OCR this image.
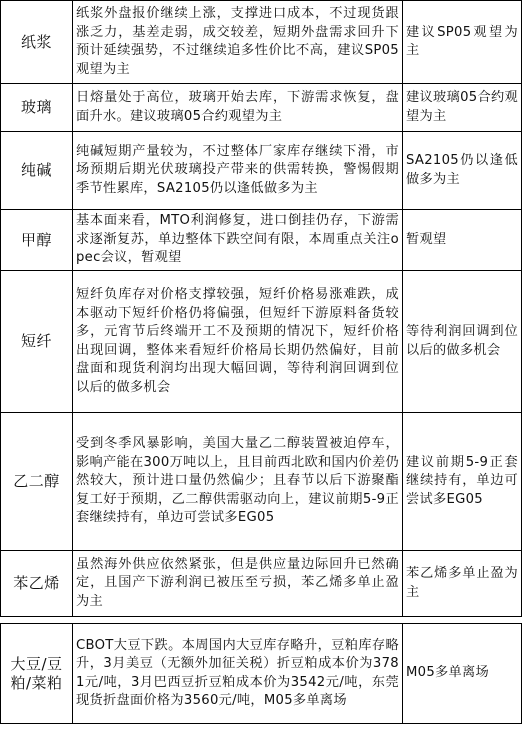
纸浆	纸浆外盘报价继续上涨，支撑进口成本，不过现货跟涨乏力，基差走弱，成交较差，短期外盘需求回升下预计延续强势，不过继续追多性价比不高，建议SP05观望为主	建议SP05观望为主
玻璃	日熔量处于高位，玻璃开始去库，下游需求恢复，盘面升水。建议玻璃05合约观望为主	建议玻璃05合约观望为主
纯碱	纯碱短期产量较为，不过整体厂家库存继续下滑，市场预期后期光伏玻璃投产带来的供需转换，警惕假期季节性累库，SA2105仍以逢低做多为主	SA2105仍以逢低做多为主
甲醇	基本面来看，MTO利润修复，进口倒挂仍存，下游需求逐渐复苏，单边整体下跌空间有限，本周重点关注opec会议，暂观望	暂观望
短纤	短纤负库存对价格支撑较强，短纤价格易涨难跌，成本驱动下短纤价格仍将偏强，但短纤下游原料备货较多，元宵节后终端开工不及预期的情况下，短纤价格出现回调，整体来看短纤价格局长期仍然偏好，目前盘面和现货利润均出现大幅回调，等待利润回调到位以后的做多机会	等待利润回调到位以后的做多机会
乙二醇	受到冬季风暴影响，美国大量乙二醇装置被迫停车，影响产能在300万吨以上，且目前西北欧和国内价差仍然较大，预计进口量仍然偏少；且春节以后下游聚酯复工好于预期，乙二醇供需驱动向上，建议前期5-9正套继续持有，单边可尝试多EG05	建议前期5-9正套继续持有，单边可尝试多EG05
苯乙烯	虽然海外供应依然紧张，但是供应量边际回升已然确定，且国产下游利润已被压至亏损，苯乙烯多单止盈为主	苯乙烯多单止盈为主

大豆/豆粕/菜粕	CBOT大豆下跌。本周国内大豆库存略升，豆粕库存略升，3月美豆（无额外加征关税）折豆粕成本价为3781元/吨，3月巴西豆折豆粕成本价为3542元/吨，东莞现货折盘面价格为3560元/吨，M05多单离场	M05多单离场
